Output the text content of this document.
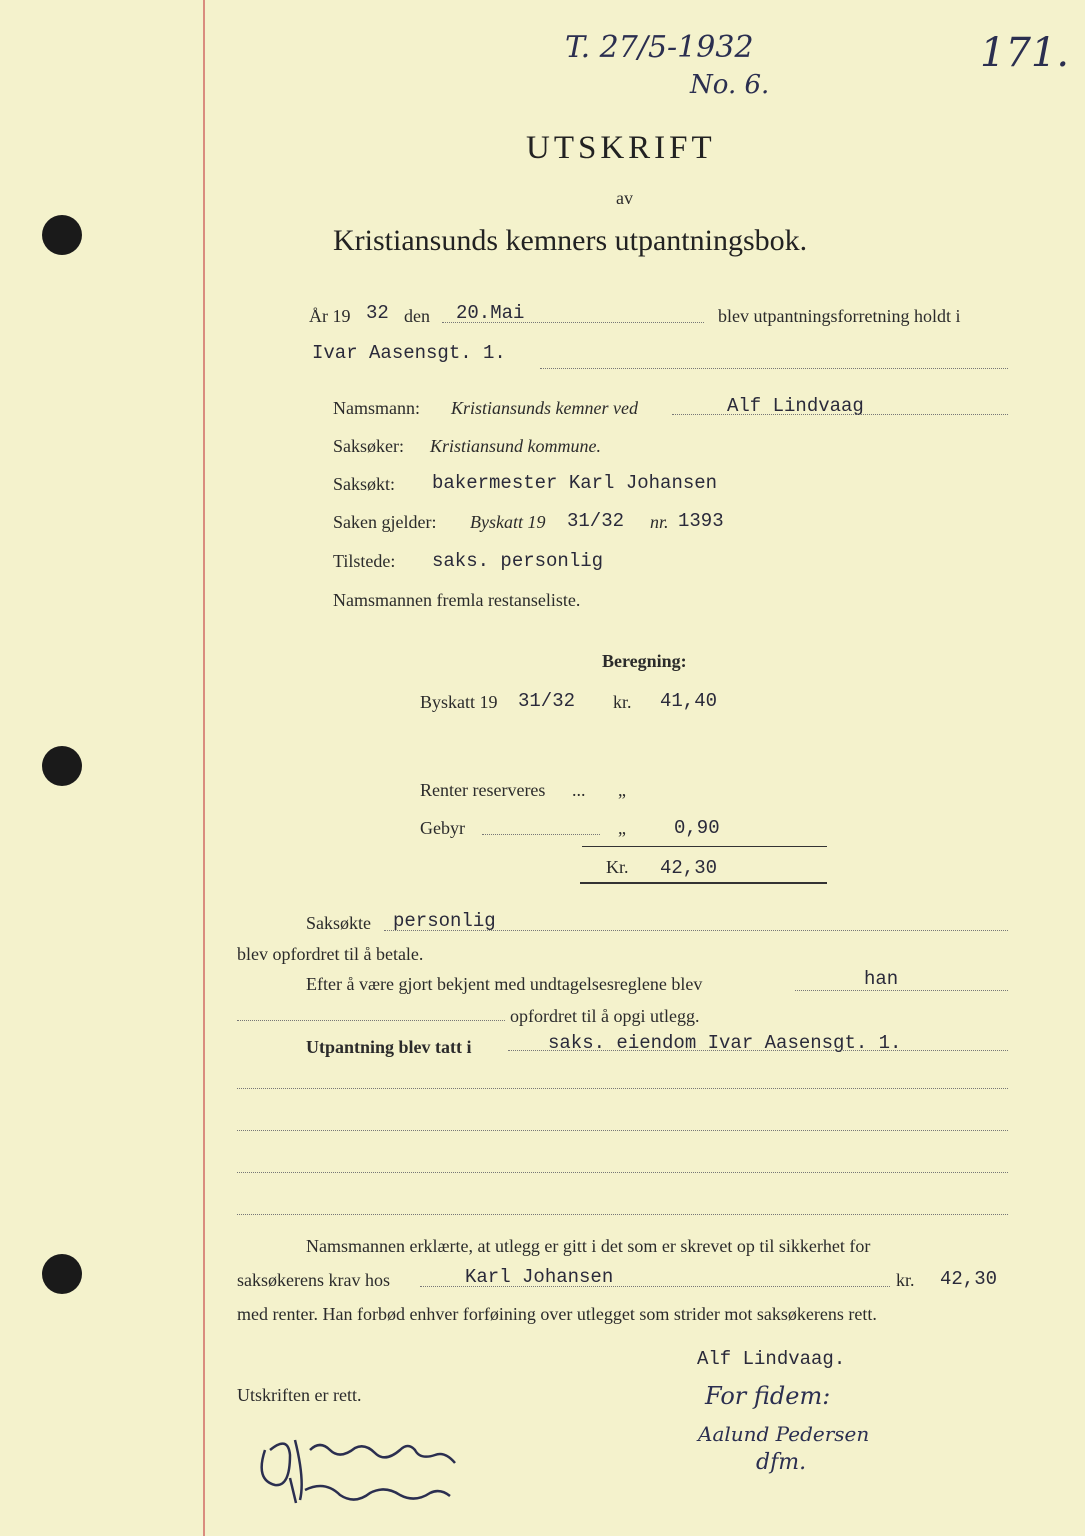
T. 27/5-1932
No. 6.
171.
UTSKRIFT
av
Kristiansunds kemners utpantningsbok.
År 19 32 den 20.Mai	blev utpantningsforretning holdt i
Ivar Aasensgt. 1.
Namsmann: Kristiansunds kemner ved	Alf Lindvaag
Saksøker: Kristiansund kommune.
Saksøkt: bakermester Karl Johansen
Saken gjelder: Byskatt 19 31/32 nr. 1393
Tilstede: saks. personlig
Namsmannen fremla restanseliste.
Beregning:
Byskatt 19 31/32 kr. 41,40
Renter reserveres ... „
Gebyr	„	0,90
Kr. 42,30
Saksøkte personlig
blev opfordret til å betale.
Efter å være gjort bekjent med undtagelsesreglene blev	han
opfordret til å opgi utlegg.
Utpantning blev tatt i	saks. eiendom Ivar Aasensgt. 1.
Namsmannen erklærte, at utlegg er gitt i det som er skrevet op til sikkerhet for
saksøkerens krav hos	Karl Johansen	kr. 42,30
med renter. Han forbød enhver forføining over utlegget som strider mot saksøkerens rett.
Alf Lindvaag.
Utskriften er rett.	For fidem:
Aalund Pedersen
dfm.
